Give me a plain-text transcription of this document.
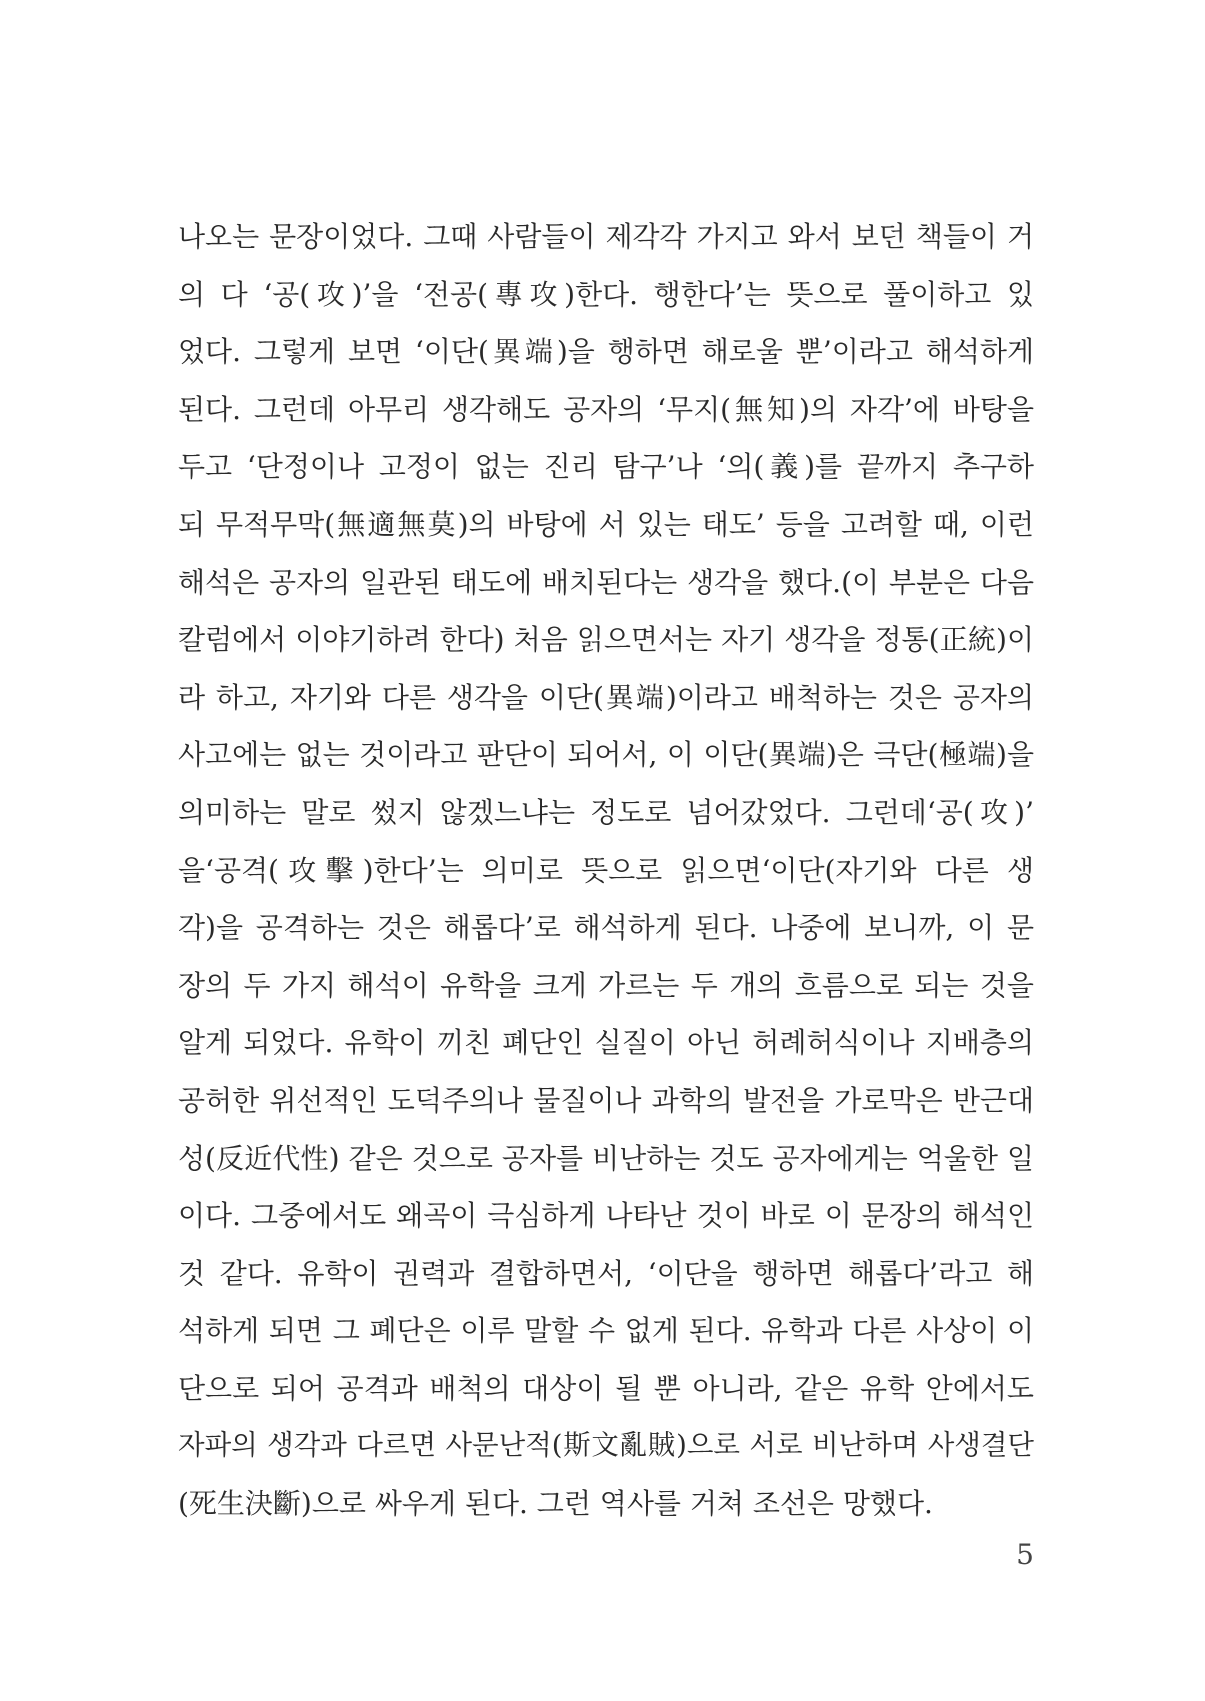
나오는 문장이었다. 그때 사람들이 제각각 가지고 와서 보던 책들이 거
의 다 ‘공(攻)’을 ‘전공(專攻)한다. 행한다’는 뜻으로 풀이하고 있
었다. 그렇게 보면 ‘이단(異端)을 행하면 해로울 뿐’이라고 해석하게
된다. 그런데 아무리 생각해도 공자의 ‘무지(無知)의 자각’에 바탕을
두고 ‘단정이나 고정이 없는 진리 탐구’나 ‘의(義)를 끝까지 추구하
되 무적무막(無適無莫)의 바탕에 서 있는 태도’ 등을 고려할 때, 이런
해석은 공자의 일관된 태도에 배치된다는 생각을 했다.(이 부분은 다음
칼럼에서 이야기하려 한다) 처음 읽으면서는 자기 생각을 정통(正統)이
라 하고, 자기와 다른 생각을 이단(異端)이라고 배척하는 것은 공자의
사고에는 없는 것이라고 판단이 되어서, 이 이단(異端)은 극단(極端)을
의미하는 말로 썼지 않겠느냐는 정도로 넘어갔었다. 그런데‘공(攻)’
을‘공격(攻擊)한다’는 의미로 뜻으로 읽으면‘이단(자기와 다른 생
각)을 공격하는 것은 해롭다’로 해석하게 된다. 나중에 보니까, 이 문
장의 두 가지 해석이 유학을 크게 가르는 두 개의 흐름으로 되는 것을
알게 되었다. 유학이 끼친 폐단인 실질이 아닌 허례허식이나 지배층의
공허한 위선적인 도덕주의나 물질이나 과학의 발전을 가로막은 반근대
성(反近代性) 같은 것으로 공자를 비난하는 것도 공자에게는 억울한 일
이다. 그중에서도 왜곡이 극심하게 나타난 것이 바로 이 문장의 해석인
것 같다. 유학이 권력과 결합하면서, ‘이단을 행하면 해롭다’라고 해
석하게 되면 그 폐단은 이루 말할 수 없게 된다. 유학과 다른 사상이 이
단으로 되어 공격과 배척의 대상이 될 뿐 아니라, 같은 유학 안에서도
자파의 생각과 다르면 사문난적(斯文亂賊)으로 서로 비난하며 사생결단
(死生決斷)으로 싸우게 된다. 그런 역사를 거쳐 조선은 망했다.
5
